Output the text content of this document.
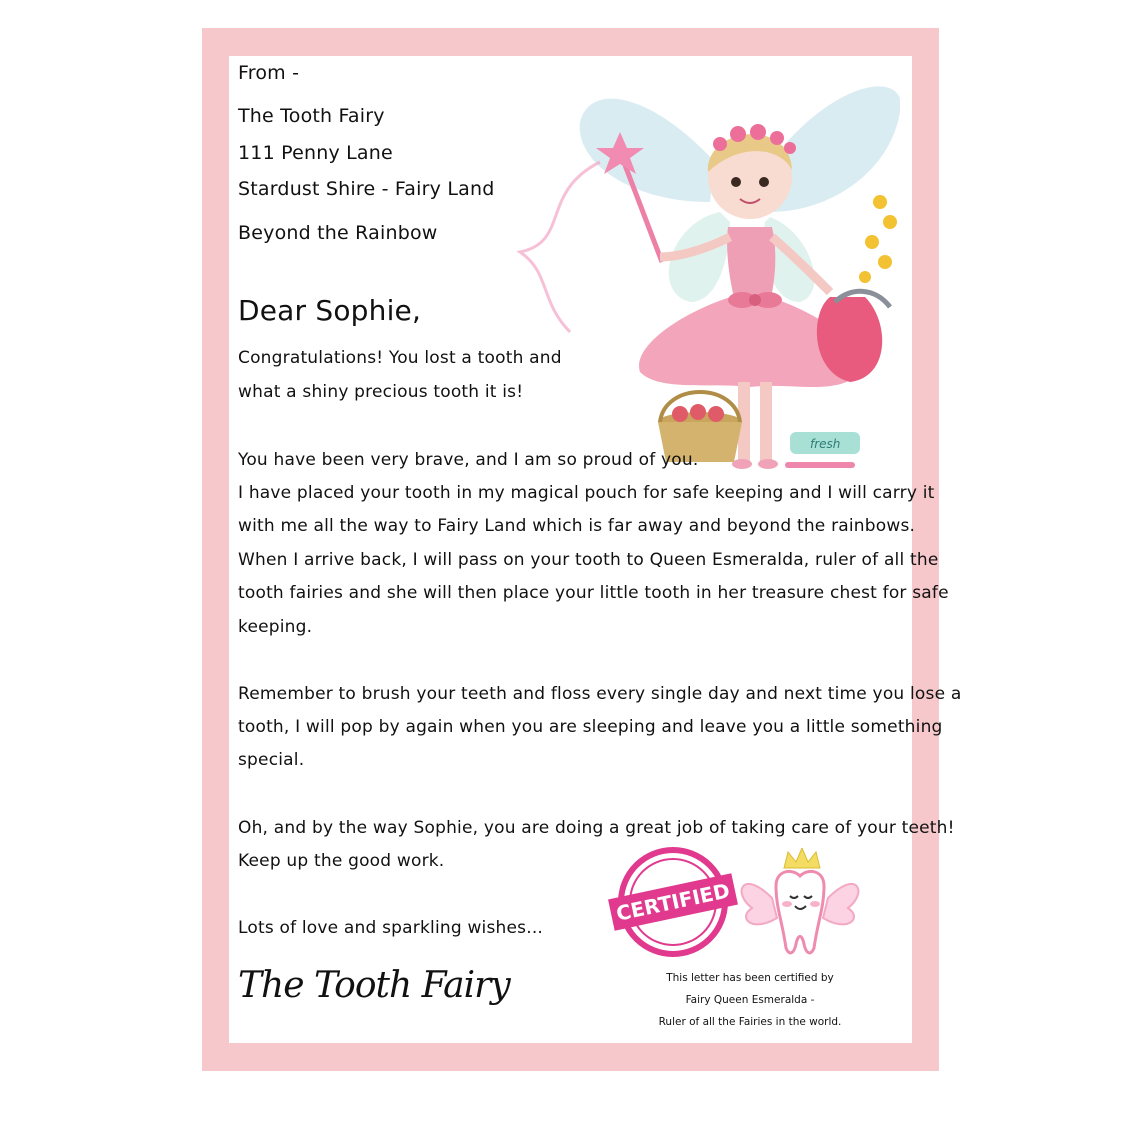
fresh
From -
The Tooth Fairy
111 Penny Lane
Stardust Shire - Fairy Land
Beyond the Rainbow
Dear Sophie,
Congratulations! You lost a tooth and
what a shiny precious tooth it is!
You have been very brave, and I am so proud of you.
I have placed your tooth in my magical pouch for safe keeping and I will carry it
with me all the way to Fairy Land which is far away and beyond the rainbows.
When I arrive back, I will pass on your tooth to Queen Esmeralda, ruler of all the
tooth fairies and she will then place your little tooth in her treasure chest for safe
keeping.
Remember to brush your teeth and floss every single day and next time you lose a
tooth, I will pop by again when you are sleeping and leave you a little something
special.
Oh, and by the way Sophie, you are doing a great job of taking care of your teeth!
Keep up the good work.
Lots of love and sparkling wishes...
The Tooth Fairy
CERTIFIED
This letter has been certified by
Fairy Queen Esmeralda -
Ruler of all the Fairies in the world.
